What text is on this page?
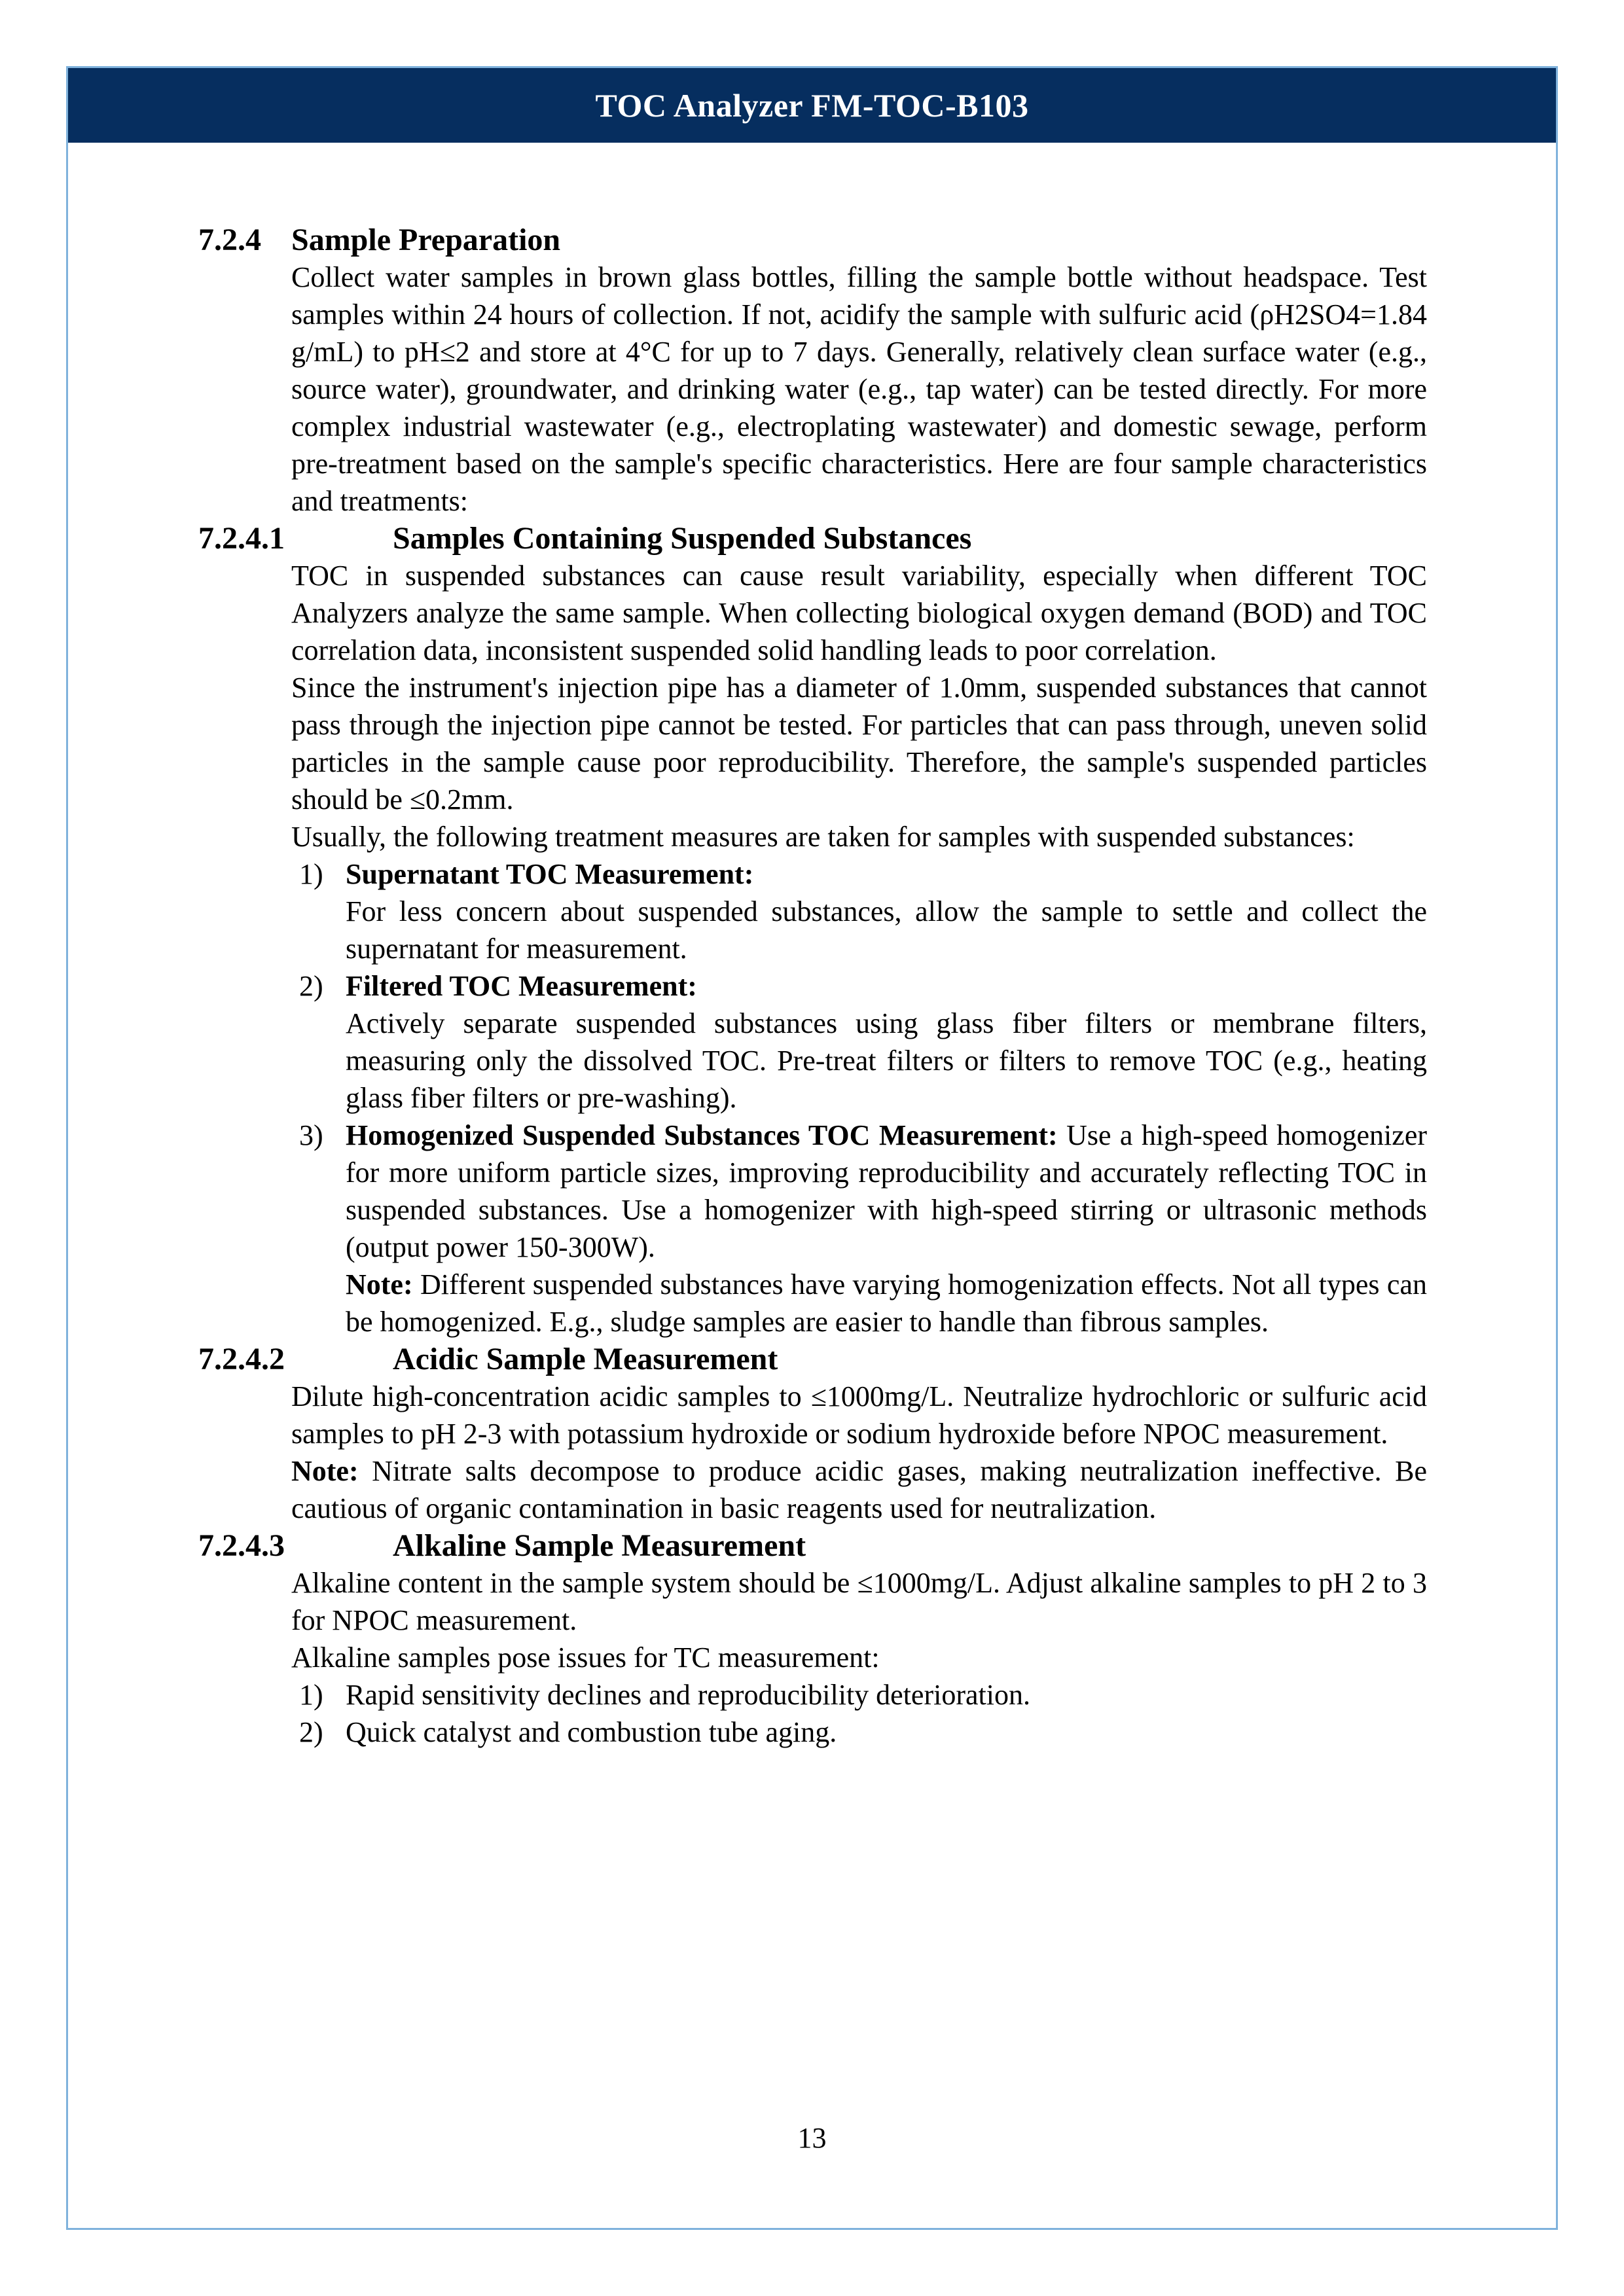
TOC Analyzer FM-TOC-B103
7.2.4 Sample Preparation
Collect water samples in brown glass bottles, filling the sample bottle without headspace. Test samples within 24 hours of collection. If not, acidify the sample with sulfuric acid (ρH2SO4=1.84 g/mL) to pH≤2 and store at 4°C for up to 7 days. Generally, relatively clean surface water (e.g., source water), groundwater, and drinking water (e.g., tap water) can be tested directly. For more complex industrial wastewater (e.g., electroplating wastewater) and domestic sewage, perform pre-treatment based on the sample's specific characteristics. Here are four sample characteristics and treatments:
7.2.4.1	Samples Containing Suspended Substances
TOC in suspended substances can cause result variability, especially when different TOC Analyzers analyze the same sample. When collecting biological oxygen demand (BOD) and TOC correlation data, inconsistent suspended solid handling leads to poor correlation.
Since the instrument's injection pipe has a diameter of 1.0mm, suspended substances that cannot pass through the injection pipe cannot be tested. For particles that can pass through, uneven solid particles in the sample cause poor reproducibility. Therefore, the sample's suspended particles should be ≤0.2mm.
Usually, the following treatment measures are taken for samples with suspended substances:
1) Supernatant TOC Measurement:
For less concern about suspended substances, allow the sample to settle and collect the supernatant for measurement.
2) Filtered TOC Measurement:
Actively separate suspended substances using glass fiber filters or membrane filters, measuring only the dissolved TOC. Pre-treat filters or filters to remove TOC (e.g., heating glass fiber filters or pre-washing).
3) Homogenized Suspended Substances TOC Measurement: Use a high-speed homogenizer for more uniform particle sizes, improving reproducibility and accurately reflecting TOC in suspended substances. Use a homogenizer with high-speed stirring or ultrasonic methods (output power 150-300W).
Note: Different suspended substances have varying homogenization effects. Not all types can be homogenized. E.g., sludge samples are easier to handle than fibrous samples.
7.2.4.2	Acidic Sample Measurement
Dilute high-concentration acidic samples to ≤1000mg/L. Neutralize hydrochloric or sulfuric acid samples to pH 2-3 with potassium hydroxide or sodium hydroxide before NPOC measurement.
Note: Nitrate salts decompose to produce acidic gases, making neutralization ineffective. Be cautious of organic contamination in basic reagents used for neutralization.
7.2.4.3	Alkaline Sample Measurement
Alkaline content in the sample system should be ≤1000mg/L. Adjust alkaline samples to pH 2 to 3 for NPOC measurement.
Alkaline samples pose issues for TC measurement:
1) Rapid sensitivity declines and reproducibility deterioration.
2) Quick catalyst and combustion tube aging.
13
